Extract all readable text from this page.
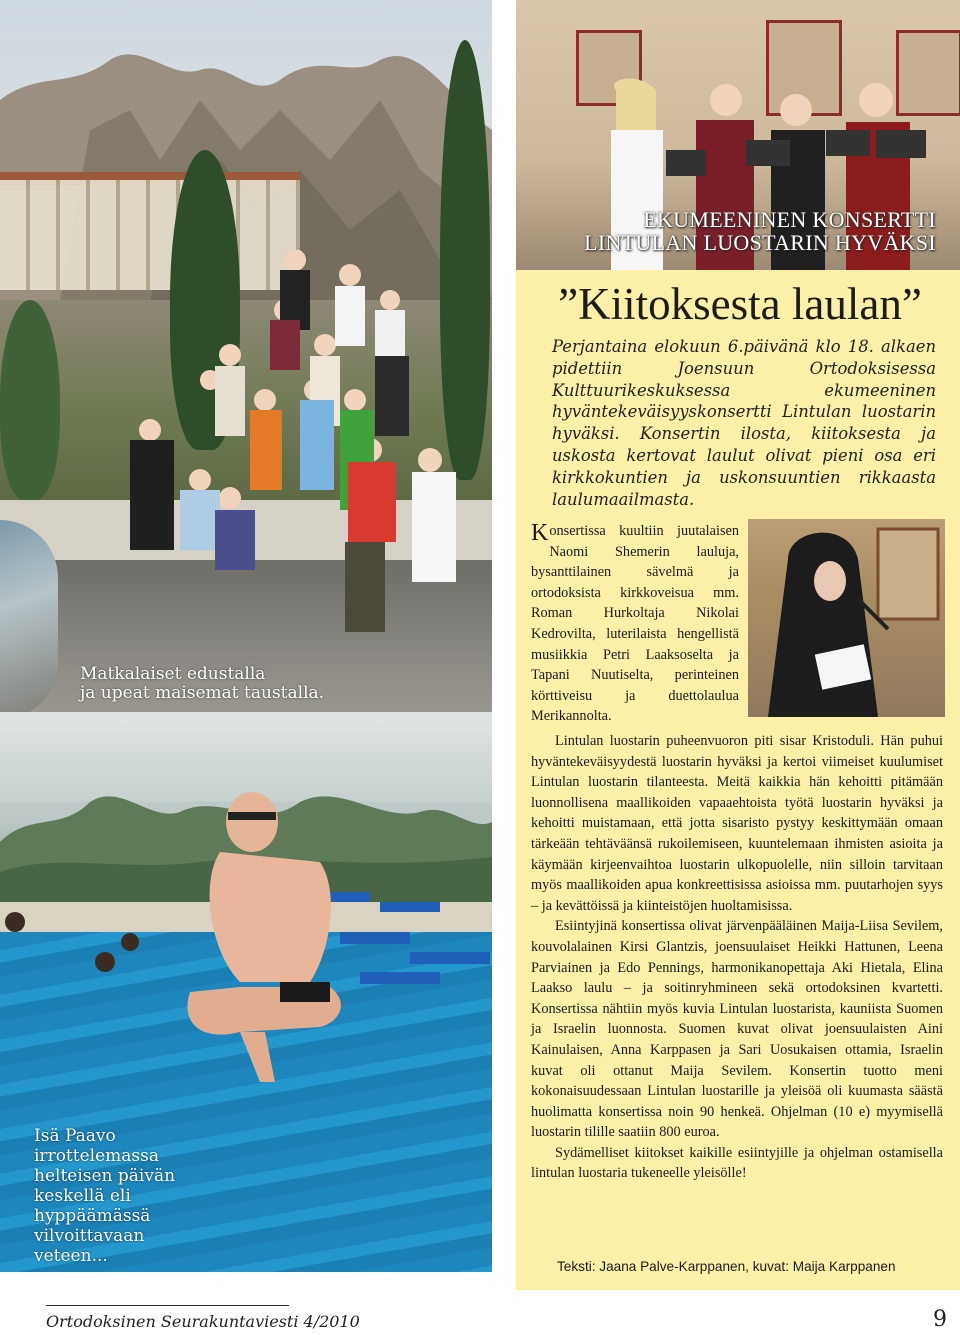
Matkalaiset edustalla
ja upeat maisemat taustalla.
Isä Paavo
irrottelemassa
helteisen päivän
keskellä eli
hyppäämässä
vilvoittavaan
veteen...
EKUMEENINEN KONSERTTI
LINTULAN LUOSTARIN HYVÄKSI
”Kiitoksesta laulan”
Perjantaina elokuun 6.päivänä klo 18. alkaen pidettiin Joensuun Ortodoksisessa Kulttuurikeskuksessa ekumeeninen hyväntekeväisyyskonsertti Lintulan luostarin hyväksi. Konsertin ilosta, kiitoksesta ja uskosta kertovat laulut olivat pieni osa eri kirkkokuntien ja uskonsuuntien rikkaasta laulumaailmasta.
Konsertissa kuultiin juutalaisen Naomi Shemerin lauluja, bysanttilainen sävelmä ja ortodoksista kirkkoveisua mm. Roman Hurkoltaja Nikolai Kedrovilta, luterilaista hengellistä musiikkia Petri Laaksoselta ja Tapani Nuutiselta, perinteinen körttiveisu ja duettolaulua Merikannolta.

Lintulan luostarin puheenvuoron piti sisar Kristoduli. Hän puhui hyväntekeväisyydestä luostarin hyväksi ja kertoi viimeiset kuulumiset Lintulan luostarin tilanteesta. Meitä kaikkia hän kehoitti pitämään luonnollisena maallikoiden vapaaehtoista työtä luostarin hyväksi ja kehoitti muistamaan, että jotta sisaristo pystyy keskittymään omaan tärkeään tehtäväänsä rukoilemiseen, kuuntelemaan ihmisten asioita ja käymään kirjeenvaihtoa luostarin ulkopuolelle, niin silloin tarvitaan myös maallikoiden apua konkreettisissa asioissa mm. puutarhojen syys – ja kevättöissä ja kiinteistöjen huoltamisissa.

Esiintyjinä konsertissa olivat järvenpääläinen Maija-Liisa Sevilem, kouvolalainen Kirsi Glantzis, joensuulaiset Heikki Hattunen, Leena Parviainen ja Edo Pennings, harmonikanopettaja Aki Hietala, Elina Laakso laulu – ja soitinryhmineen sekä ortodoksinen kvartetti. Konsertissa nähtiin myös kuvia Lintulan luostarista, kauniista Suomen ja Israelin luonnosta. Suomen kuvat olivat joensuulaisten Aini Kainulaisen, Anna Karppasen ja Sari Uosukaisen ottamia, Israelin kuvat oli ottanut Maija Sevilem. Konsertin tuotto meni kokonaisuudessaan Lintulan luostarille ja yleisöä oli kuumasta säästä huolimatta konsertissa noin 90 henkeä. Ohjelman (10 e) myymisellä luostarin tilille saatiin 800 euroa.

Sydämelliset kiitokset kaikille esiintyjille ja ohjelman ostamisella lintulan luostaria tukeneelle yleisölle!

Teksti: Jaana Palve-Karppanen, kuvat: Maija Karppanen
Ortodoksinen Seurakuntaviesti 4/2010	9
